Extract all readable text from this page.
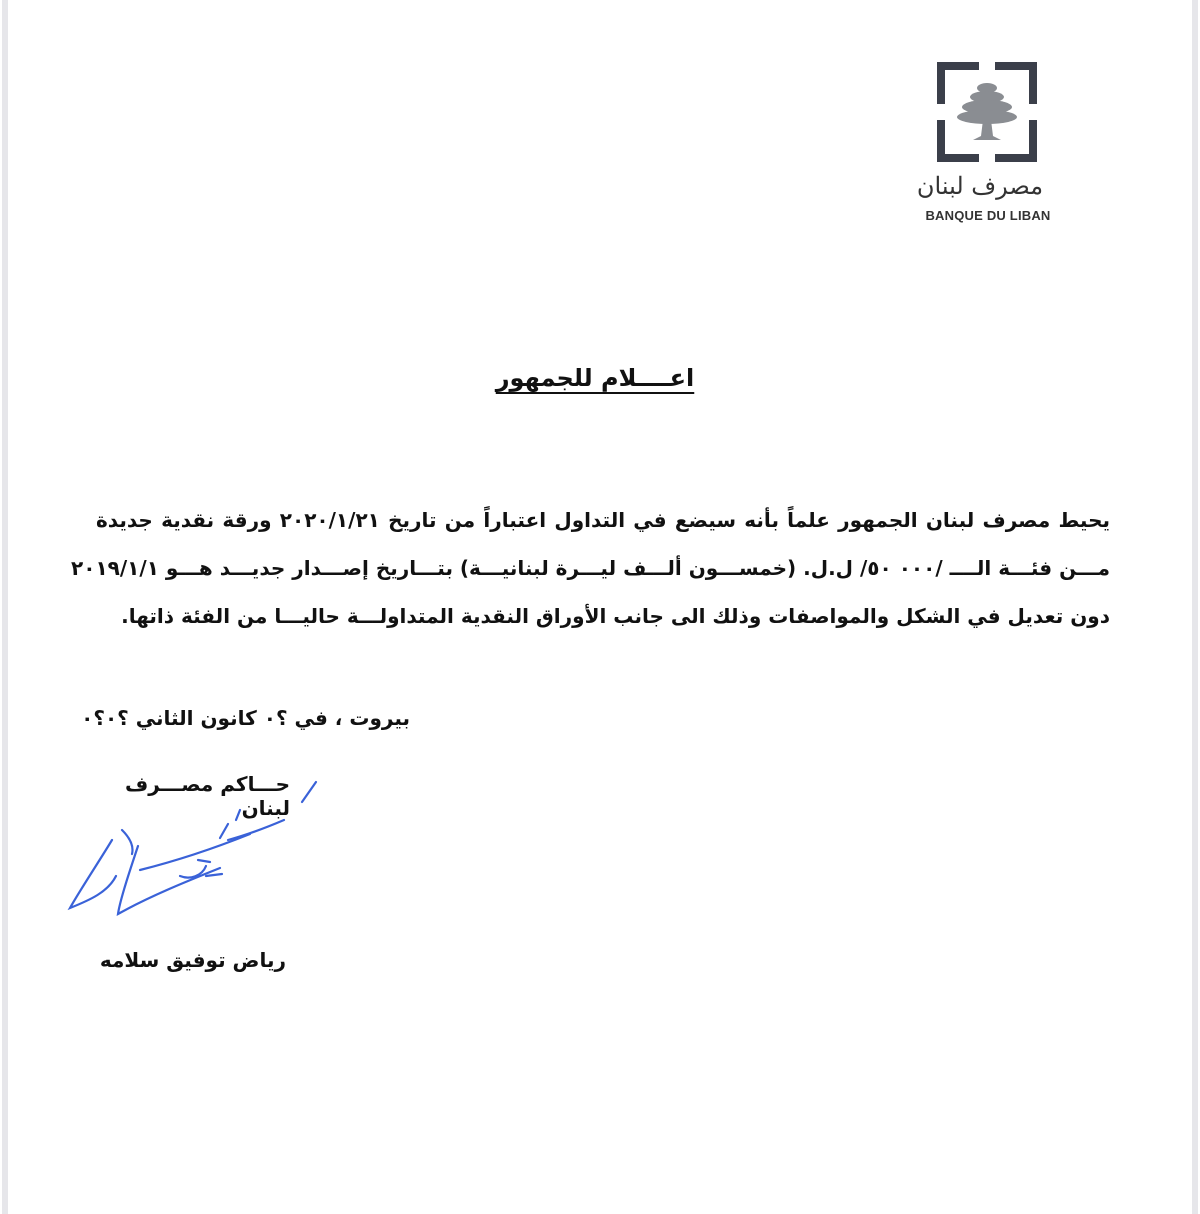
مصرف لبنان
BANQUE DU LIBAN
اعــــلام للجمهور
يحيط مصرف لبنان الجمهور علماً بأنه سيضع في التداول اعتباراً من تاريخ ٢٠٢٠/١/٢١ ورقة نقدية جديدة
مـــن فئـــة الــــ /٠٠٠ ٥٠/ ل.ل. (خمســـون ألـــف ليـــرة لبنانيـــة) بتـــاريخ إصـــدار جديـــد هـــو ٢٠١٩/١/١
دون تعديل في الشكل والمواصفات وذلك الى جانب الأوراق النقدية المتداولـــة حاليـــا من الفئة ذاتها.
بيروت ، في ؟٠ كانون الثاني ؟٠؟٠
حـــاكم مصـــرف لبنان
رياض توفيق سلامه
